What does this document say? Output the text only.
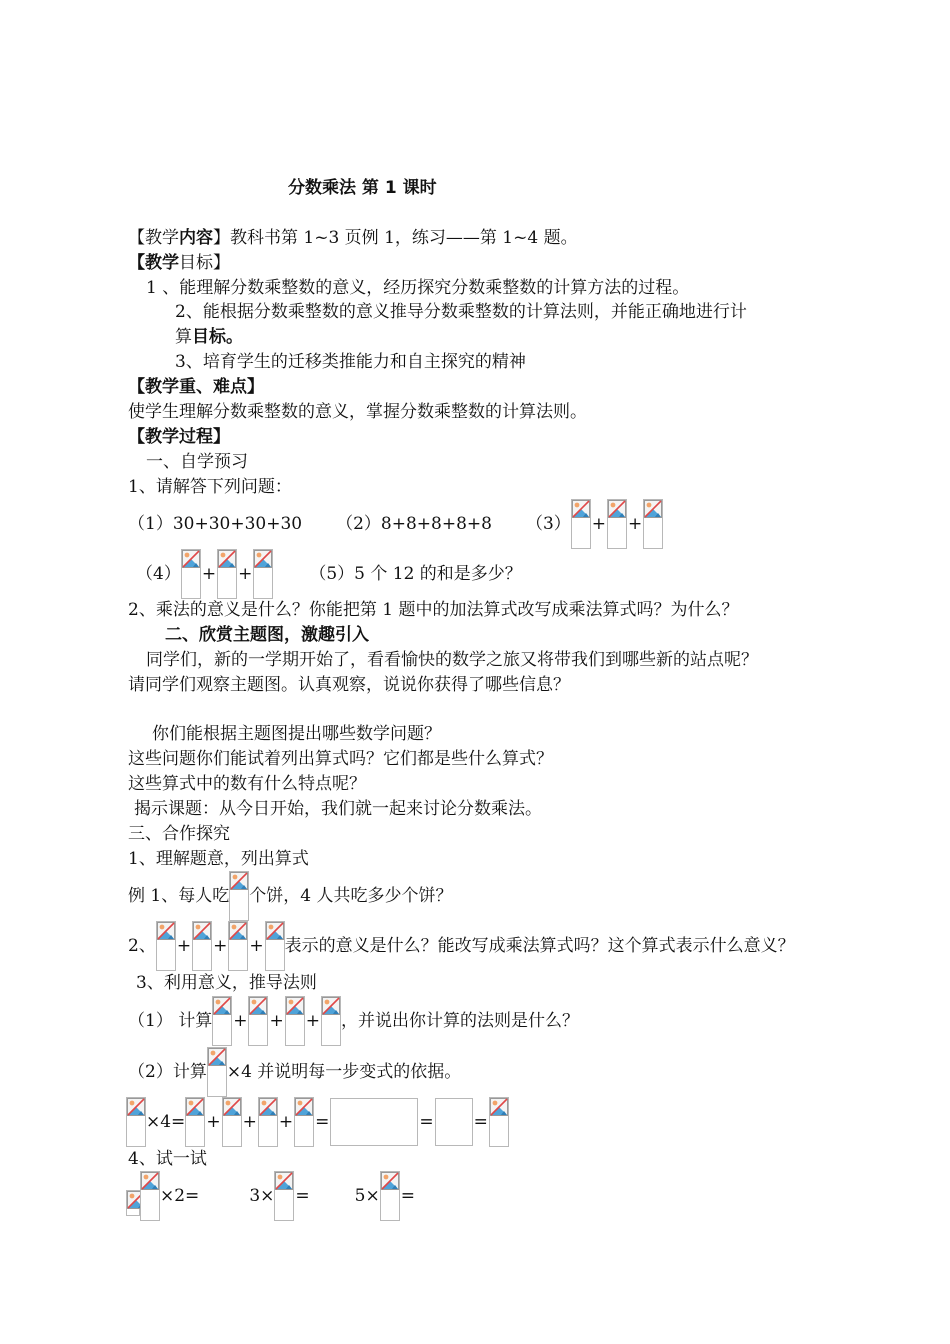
分数乘法 第 1 课时
【教学内容】教科书第 1~3 页例 1，练习——第 1~4 题。
【教学目标】
1 、能理解分数乘整数的意义，经历探究分数乘整数的计算方法的过程。
2、能根据分数乘整数的意义推导分数乘整数的计算法则，并能正确地进行计
算目标。
3、培育学生的迁移类推能力和自主探究的精神
【教学重、难点】
使学生理解分数乘整数的意义，掌握分数乘整数的计算法则。
【教学过程】
一、自学预习
1、请解答下列问题：
（1）30+30+30+30 （2）8+8+8+8+8 （3） + +
（4） + +	（5）5 个 12 的和是多少？
2、乘法的意义是什么？你能把第 1 题中的加法算式改写成乘法算式吗？为什么？
二、欣赏主题图，激趣引入
同学们，新的一学期开始了，看看愉快的数学之旅又将带我们到哪些新的站点呢？
请同学们观察主题图。认真观察，说说你获得了哪些信息？
你们能根据主题图提出哪些数学问题？
这些问题你们能试着列出算式吗？它们都是些什么算式？
这些算式中的数有什么特点呢？
揭示课题：从今日开始，我们就一起来讨论分数乘法。
三、合作探究
1、理解题意，列出算式
例 1、每人吃 个饼，4 人共吃多少个饼？
2、 + + + 表示的意义是什么？能改写成乘法算式吗？这个算式表示什么意义？
3、利用意义，推导法则
（1） 计算 + + + ，并说出你计算的法则是什么？
（2）计算 ×4 并说明每一步变式的依据。
×4= + + + =	= =
4、试一试
×2=	3× =	5× =
